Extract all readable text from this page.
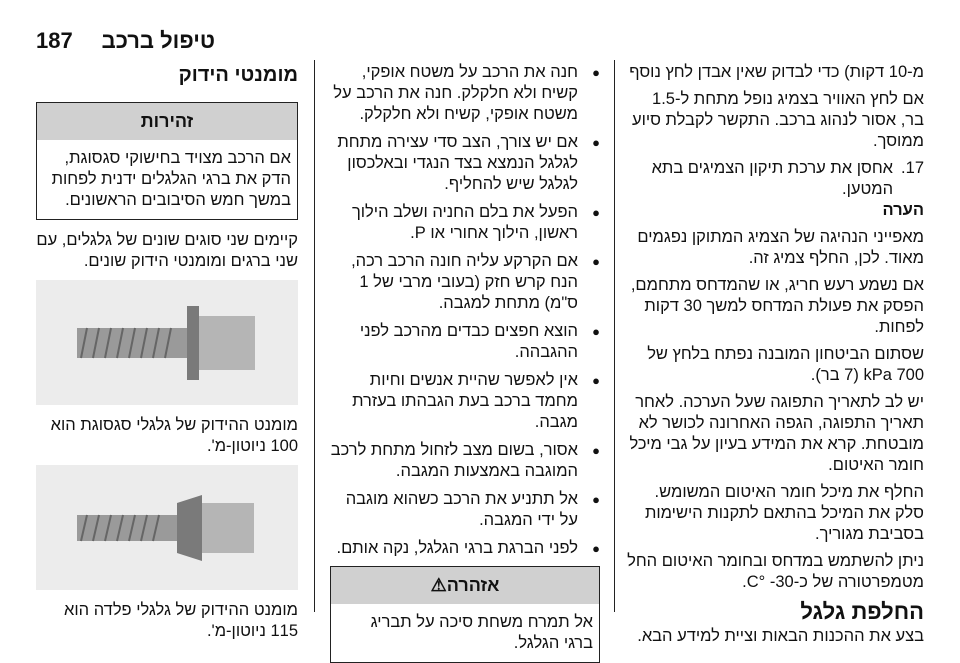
187 טיפול ברכב
מומנטי הידוק
זהירות
אם הרכב מצויד בחישוקי סגסוגת, הדק את ברגי הגלגלים ידנית לפחות במשך חמש הסיבובים הראשונים.

קיימים שני סוגים שונים של גלגלים, עם שני ברגים ומומנטי הידוק שונים.

מומנט ההידוק של גלגלי סגסוגת הוא 100 ניוטון-מ'.

מומנט ההידוק של גלגלי פלדה הוא 115 ניוטון-מ'.

● חנה את הרכב על משטח אופקי, קשיח ולא חלקלק. חנה את הרכב על משטח אופקי, קשיח ולא חלקלק.
● אם יש צורך, הצב סדי עצירה מתחת לגלגל הנמצא בצד הנגדי ובאלכסון לגלגל שיש להחליף.
● הפעל את בלם החניה ושלב הילוך ראשון, הילוך אחורי או P.
● אם הקרקע עליה חונה הרכב רכה, הנח קרש חזק (בעובי מרבי של 1 ס"מ) מתחת למגבה.
● הוצא חפצים כבדים מהרכב לפני ההגבהה.
● אין לאפשר שהיית אנשים וחיות מחמד ברכב בעת הגבהתו בעזרת מגבה.
● אסור, בשום מצב לזחול מתחת לרכב המוגבה באמצעות המגבה.
● אל תתניע את הרכב כשהוא מוגבה על ידי המגבה.
● לפני הברגת ברגי הגלגל, נקה אותם.
אזהרה⚠
אל תמרח משחת סיכה על תבריג ברגי הגלגל.

מ-10 דקות) כדי לבדוק שאין אבדן לחץ נוסף

אם לחץ האוויר בצמיג נופל מתחת ל-1.5 בר, אסור לנהוג ברכב. התקשר לקבלת סיוע ממוסך.

17.
אחסן את ערכת תיקון הצמיגים בתא המטען.

הערה

מאפייני הנהיגה של הצמיג המתוקן נפגמים מאוד. לכן, החלף צמיג זה.

אם נשמע רעש חריג, או שהמדחס מתחמם, הפסק את פעולת המדחס למשך 30 דקות לפחות.

שסתום הביטחון המובנה נפתח בלחץ של 700 kPa (7 בר).

יש לב לתאריך התפוגה שעל הערכה. לאחר תאריך התפוגה, הגפה האחרונה לכושר לא מובטחת. קרא את המידע בעיון על גבי מיכל חומר האיטום.

החלף את מיכל חומר האיטום המשומש. סלק את המיכל בהתאם לתקנות הישימות בסביבת מגוריך.

ניתן להשתמש במדחס ובחומר האיטום החל מטמפרטורה של כ-30- °C.

החלפת גלגל

בצע את ההכנות הבאות וציית למידע הבא.
